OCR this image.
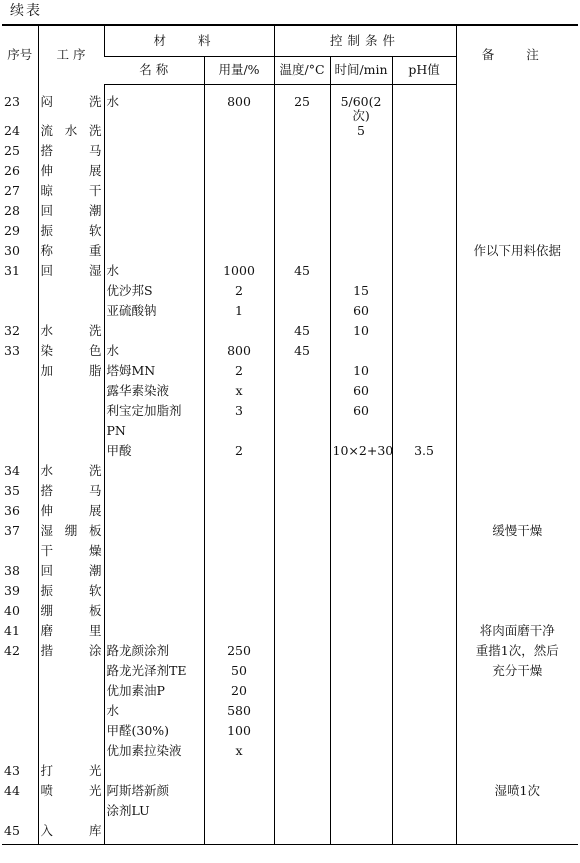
续表
序号	工 序	材 料		控制条件			备 注
		名 称	用量/%	温度/°C	时间/min	pH值	
23	闷洗	水	800	25	5/60(2次)		
24	流水洗				5		
25	搭马						
26	伸展						
27	晾干						
28	回潮						
29	振软						
30	称重						作以下用料依据
31	回湿	水	1000	45			
		优沙邦S	2		15		
		亚硫酸钠	1		60		
32	水洗			45	10		
33	染色	水	800	45			
	加脂	塔姆MN	2		10		
		露华素染液	x		60		
		利宝定加脂剂	3		60		
		PN					
		甲酸	2		10×2+30	3.5	
34	水洗						
35	搭马						
36	伸展						
37	湿绷板						缓慢干燥
	干燥						
38	回潮						
39	振软						
40	绷板						
41	磨里						将肉面磨干净
42	揩涂	路龙颜涂剂	250				重揩1次，然后
		路龙光泽剂TE	50				充分干燥
		优加素油P	20				
		水	580				
		甲醛(30%)	100				
		优加素拉染液	x				
43	打光						
44	喷光	阿斯塔新颜					湿喷1次
		涂剂LU					
45	入库						
